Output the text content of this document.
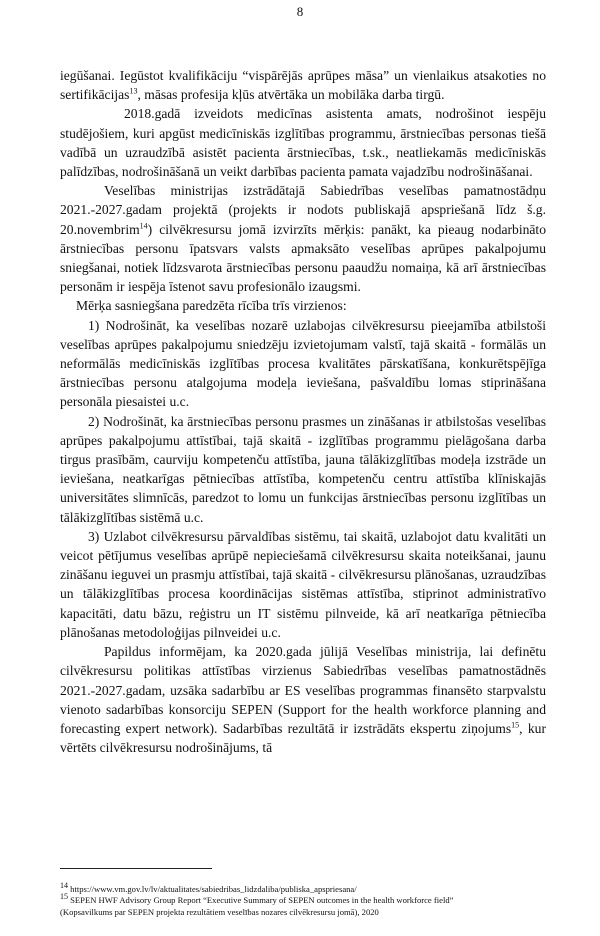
8

iegūšanai. Iegūstot kvalifikāciju “vispārējās aprūpes māsa” un vienlaikus atsakoties no sertifikācijas$^{13}$, māsas profesija kļūs atvērtāka un mobilāka darba tirgū.

2018.gadā izveidots medicīnas asistenta amats, nodrošinot iespēju studējošiem, kuri apgūst medicīniskās izglītības programmu, ārstniecības personas tiešā vadībā un uzraudzībā asistēt pacienta ārstniecības, t.sk., neatliekamās medicīniskās palīdzības, nodrošināšanā un veikt darbības pacienta pamata vajadzību nodrošināšanai.

Veselības ministrijas izstrādātajā Sabiedrības veselības pamatnostādņu 2021.-2027.gadam projektā (projekts ir nodots publiskajā apspriešanā līdz š.g. 20.novembrim$^{14}$) cilvēkresursu jomā izvirzīts mērķis: panākt, ka pieaug nodarbināto ārstniecības personu īpatsvars valsts apmaksāto veselības aprūpes pakalpojumu sniegšanai, notiek līdzsvarota ārstniecības personu paaudžu nomaiņa, kā arī ārstniecības personām ir iespēja īstenot savu profesionālo izaugsmi.

Mērķa sasniegšana paredzēta rīcība trīs virzienos:

1) Nodrošināt, ka veselības nozarē uzlabojas cilvēkresursu pieejamība atbilstoši veselības aprūpes pakalpojumu sniedzēju izvietojumam valstī, tajā skaitā - formālās un neformālās medicīniskās izglītības procesa kvalitātes pārskatīšana, konkurētspējīga ārstniecības personu atalgojuma modeļa ieviešana, pašvaldību lomas stiprināšana personāla piesaistei u.c.

2) Nodrošināt, ka ārstniecības personu prasmes un zināšanas ir atbilstošas veselības aprūpes pakalpojumu attīstībai, tajā skaitā - izglītības programmu pielāgošana darba tirgus prasībām, caurviju kompetenču attīstība, jauna tālākizglītības modeļa izstrāde un ieviešana, neatkarīgas pētniecības attīstība, kompetenču centru attīstība klīniskajās universitātes slimnīcās, paredzot to lomu un funkcijas ārstniecības personu izglītības un tālākizglītības sistēmā u.c.

3) Uzlabot cilvēkresursu pārvaldības sistēmu, tai skaitā, uzlabojot datu kvalitāti un veicot pētījumus veselības aprūpē nepieciešamā cilvēkresursu skaita noteikšanai, jaunu zināšanu ieguvei un prasmju attīstībai, tajā skaitā - cilvēkresursu plānošanas, uzraudzības un tālākizglītības procesa koordinācijas sistēmas attīstība, stiprinot administratīvo kapacitāti, datu bāzu, reģistru un IT sistēmu pilnveide, kā arī neatkarīga pētniecība plānošanas metodoloģijas pilnveidei u.c.

Papildus informējam, ka 2020.gada jūlijā Veselības ministrija, lai definētu cilvēkresursu politikas attīstības virzienus Sabiedrības veselības pamatnostādnēs 2021.-2027.gadam, uzsāka sadarbību ar ES veselības programmas finansēto starpvalstu vienoto sadarbības konsorciju SEPEN (Support for the health workforce planning and forecasting expert network). Sadarbības rezultātā ir izstrādāts ekspertu ziņojums$^{15}$, kur vērtēts cilvēkresursu nodrošinājums, tā

$^{14}$ https://www.vm.gov.lv/lv/aktualitates/sabiedribas_lidzdaliba/publiska_apspriesana/

$^{15}$ SEPEN HWF Advisory Group Report “Executive Summary of SEPEN outcomes in the health workforce field”

(Kopsavilkums par SEPEN projekta rezultātiem veselības nozares cilvēkresursu jomā), 2020
